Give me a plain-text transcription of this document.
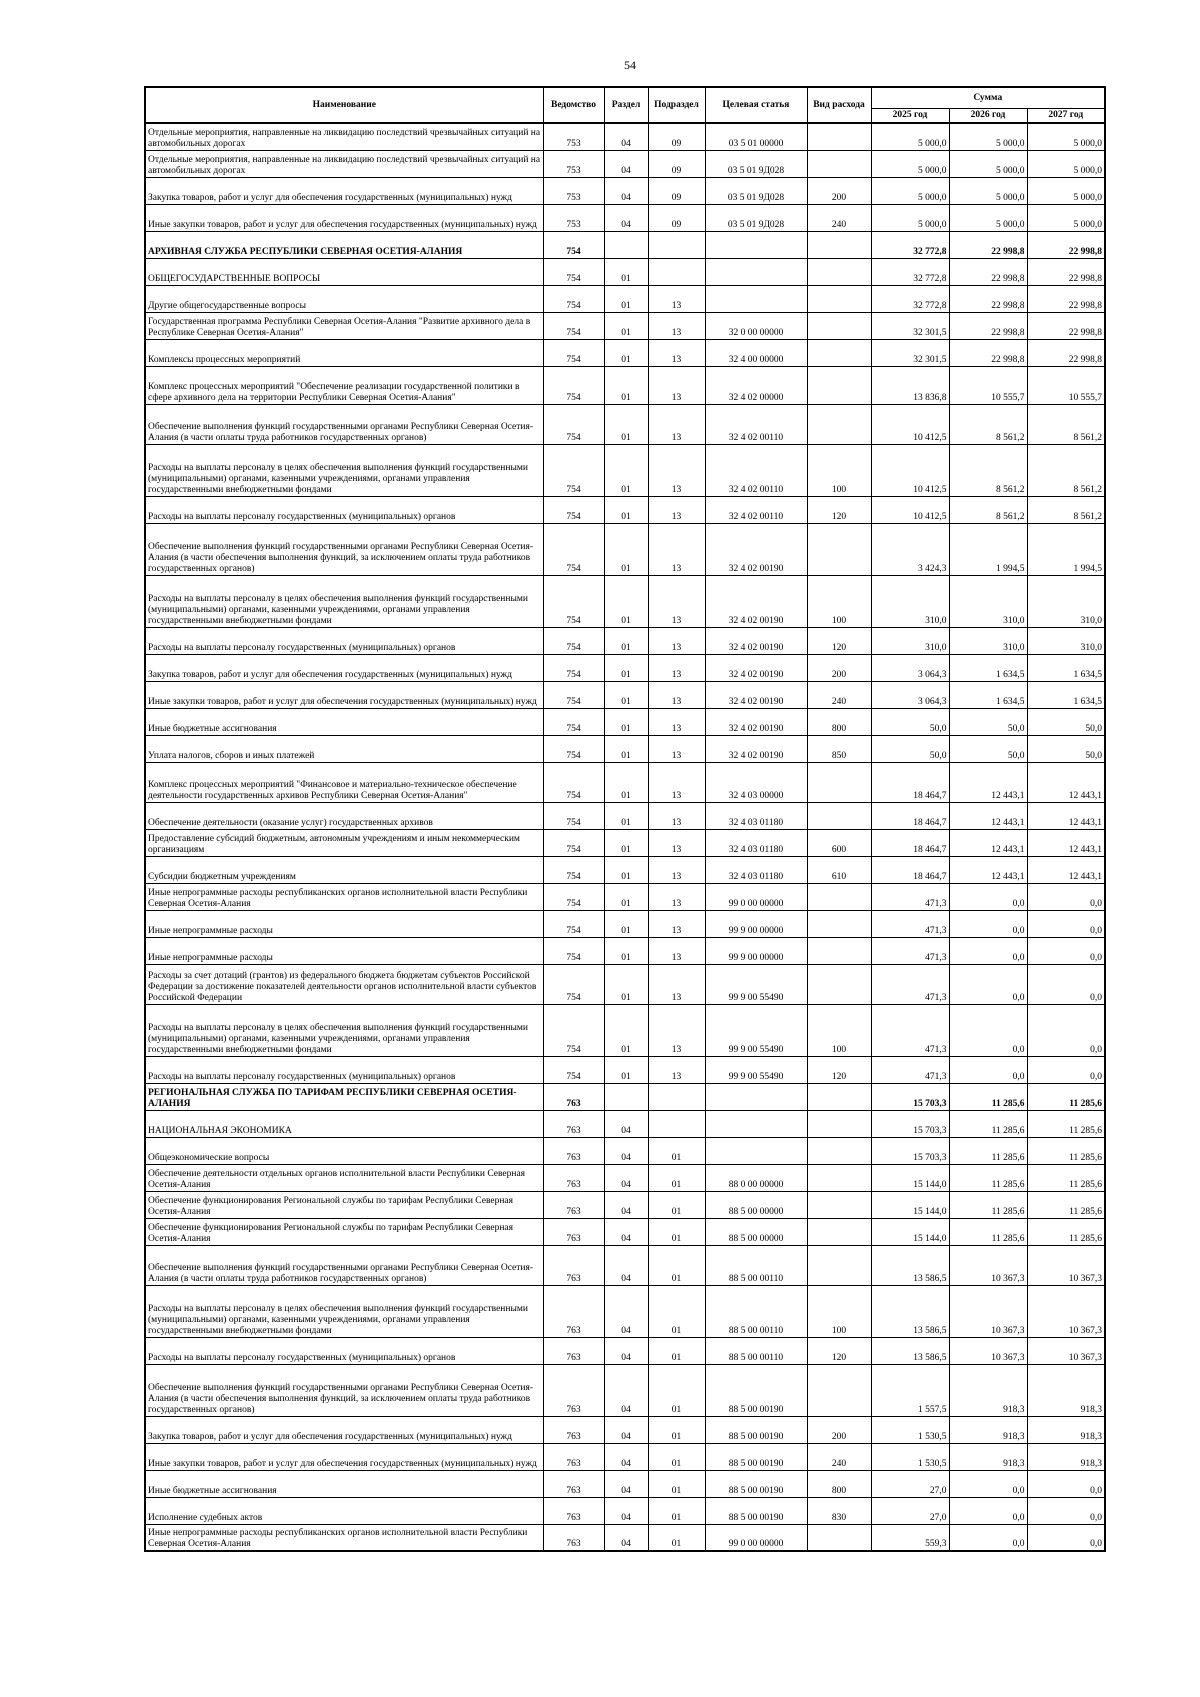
54
Наименование	Ведомство	Раздел	Подраздел	Целевая статья	Вид расхода	Сумма		
						2025 год	2026 год	2027 год
Отдельные мероприятия, направленные на ликвидацию последствий чрезвычайных ситуаций на автомобильных дорогах	753	04	09	03 5 01 00000		5 000,0	5 000,0	5 000,0
Отдельные мероприятия, направленные на ликвидацию последствий чрезвычайных ситуаций на автомобильных дорогах	753	04	09	03 5 01 9Д028		5 000,0	5 000,0	5 000,0
Закупка товаров, работ и услуг для обеспечения государственных (муниципальных) нужд	753	04	09	03 5 01 9Д028	200	5 000,0	5 000,0	5 000,0
Иные закупки товаров, работ и услуг для обеспечения государственных (муниципальных) нужд	753	04	09	03 5 01 9Д028	240	5 000,0	5 000,0	5 000,0
АРХИВНАЯ СЛУЖБА РЕСПУБЛИКИ СЕВЕРНАЯ ОСЕТИЯ-АЛАНИЯ	754					32 772,8	22 998,8	22 998,8
ОБЩЕГОСУДАРСТВЕННЫЕ ВОПРОСЫ	754	01				32 772,8	22 998,8	22 998,8
Другие общегосударственные вопросы	754	01	13			32 772,8	22 998,8	22 998,8
Государственная программа Республики Северная Осетия-Алания "Развитие архивного дела в Республике Северная Осетия-Алания"	754	01	13	32 0 00 00000		32 301,5	22 998,8	22 998,8
Комплексы процессных мероприятий	754	01	13	32 4 00 00000		32 301,5	22 998,8	22 998,8
Комплекс процессных мероприятий "Обеспечение реализации государственной политики в сфере архивного дела на территории Республики Северная Осетия-Алания"	754	01	13	32 4 02 00000		13 836,8	10 555,7	10 555,7
Обеспечение выполнения функций государственными органами Республики Северная Осетия-Алания (в части оплаты труда работников государственных органов)	754	01	13	32 4 02 00110		10 412,5	8 561,2	8 561,2
Расходы на выплаты персоналу в целях обеспечения выполнения функций государственными (муниципальными) органами, казенными учреждениями, органами управления государственными внебюджетными фондами	754	01	13	32 4 02 00110	100	10 412,5	8 561,2	8 561,2
Расходы на выплаты персоналу государственных (муниципальных) органов	754	01	13	32 4 02 00110	120	10 412,5	8 561,2	8 561,2
Обеспечение выполнения функций государственными органами Республики Северная Осетия-Алания (в части обеспечения выполнения функций, за исключением оплаты труда работников государственных органов)	754	01	13	32 4 02 00190		3 424,3	1 994,5	1 994,5
Расходы на выплаты персоналу в целях обеспечения выполнения функций государственными (муниципальными) органами, казенными учреждениями, органами управления государственными внебюджетными фондами	754	01	13	32 4 02 00190	100	310,0	310,0	310,0
Расходы на выплаты персоналу государственных (муниципальных) органов	754	01	13	32 4 02 00190	120	310,0	310,0	310,0
Закупка товаров, работ и услуг для обеспечения государственных (муниципальных) нужд	754	01	13	32 4 02 00190	200	3 064,3	1 634,5	1 634,5
Иные закупки товаров, работ и услуг для обеспечения государственных (муниципальных) нужд	754	01	13	32 4 02 00190	240	3 064,3	1 634,5	1 634,5
Иные бюджетные ассигнования	754	01	13	32 4 02 00190	800	50,0	50,0	50,0
Уплата налогов, сборов и иных платежей	754	01	13	32 4 02 00190	850	50,0	50,0	50,0
Комплекс процессных мероприятий "Финансовое и материально-техническое обеспечение деятельности государственных архивов Республики Северная Осетия-Алания"	754	01	13	32 4 03 00000		18 464,7	12 443,1	12 443,1
Обеспечение деятельности (оказание услуг) государственных архивов	754	01	13	32 4 03 01180		18 464,7	12 443,1	12 443,1
Предоставление субсидий бюджетным, автономным учреждениям и иным некоммерческим организациям	754	01	13	32 4 03 01180	600	18 464,7	12 443,1	12 443,1
Субсидии бюджетным учреждениям	754	01	13	32 4 03 01180	610	18 464,7	12 443,1	12 443,1
Иные непрограммные расходы республиканских органов исполнительной власти Республики Северная Осетия-Алания	754	01	13	99 0 00 00000		471,3	0,0	0,0
Иные непрограммные расходы	754	01	13	99 9 00 00000		471,3	0,0	0,0
Иные непрограммные расходы	754	01	13	99 9 00 00000		471,3	0,0	0,0
Расходы за счет дотаций (грантов) из федерального бюджета бюджетам субъектов Российской Федерации за достижение показателей деятельности органов исполнительной власти субъектов Российской Федерации	754	01	13	99 9 00 55490		471,3	0,0	0,0
Расходы на выплаты персоналу в целях обеспечения выполнения функций государственными (муниципальными) органами, казенными учреждениями, органами управления государственными внебюджетными фондами	754	01	13	99 9 00 55490	100	471,3	0,0	0,0
Расходы на выплаты персоналу государственных (муниципальных) органов	754	01	13	99 9 00 55490	120	471,3	0,0	0,0
РЕГИОНАЛЬНАЯ СЛУЖБА ПО ТАРИФАМ РЕСПУБЛИКИ СЕВЕРНАЯ ОСЕТИЯ-АЛАНИЯ	763					15 703,3	11 285,6	11 285,6
НАЦИОНАЛЬНАЯ ЭКОНОМИКА	763	04				15 703,3	11 285,6	11 285,6
Общеэкономические вопросы	763	04	01			15 703,3	11 285,6	11 285,6
Обеспечение деятельности отдельных органов исполнительной власти Республики Северная Осетия-Алания	763	04	01	88 0 00 00000		15 144,0	11 285,6	11 285,6
Обеспечение функционирования Региональной службы по тарифам Республики Северная Осетия-Алания	763	04	01	88 5 00 00000		15 144,0	11 285,6	11 285,6
Обеспечение функционирования Региональной службы по тарифам Республики Северная Осетия-Алания	763	04	01	88 5 00 00000		15 144,0	11 285,6	11 285,6
Обеспечение выполнения функций государственными органами Республики Северная Осетия-Алания (в части оплаты труда работников государственных органов)	763	04	01	88 5 00 00110		13 586,5	10 367,3	10 367,3
Расходы на выплаты персоналу в целях обеспечения выполнения функций государственными (муниципальными) органами, казенными учреждениями, органами управления государственными внебюджетными фондами	763	04	01	88 5 00 00110	100	13 586,5	10 367,3	10 367,3
Расходы на выплаты персоналу государственных (муниципальных) органов	763	04	01	88 5 00 00110	120	13 586,5	10 367,3	10 367,3
Обеспечение выполнения функций государственными органами Республики Северная Осетия-Алания (в части обеспечения выполнения функций, за исключением оплаты труда работников государственных органов)	763	04	01	88 5 00 00190		1 557,5	918,3	918,3
Закупка товаров, работ и услуг для обеспечения государственных (муниципальных) нужд	763	04	01	88 5 00 00190	200	1 530,5	918,3	918,3
Иные закупки товаров, работ и услуг для обеспечения государственных (муниципальных) нужд	763	04	01	88 5 00 00190	240	1 530,5	918,3	918,3
Иные бюджетные ассигнования	763	04	01	88 5 00 00190	800	27,0	0,0	0,0
Исполнение судебных актов	763	04	01	88 5 00 00190	830	27,0	0,0	0,0
Иные непрограммные расходы республиканских органов исполнительной власти Республики Северная Осетия-Алания	763	04	01	99 0 00 00000		559,3	0,0	0,0
